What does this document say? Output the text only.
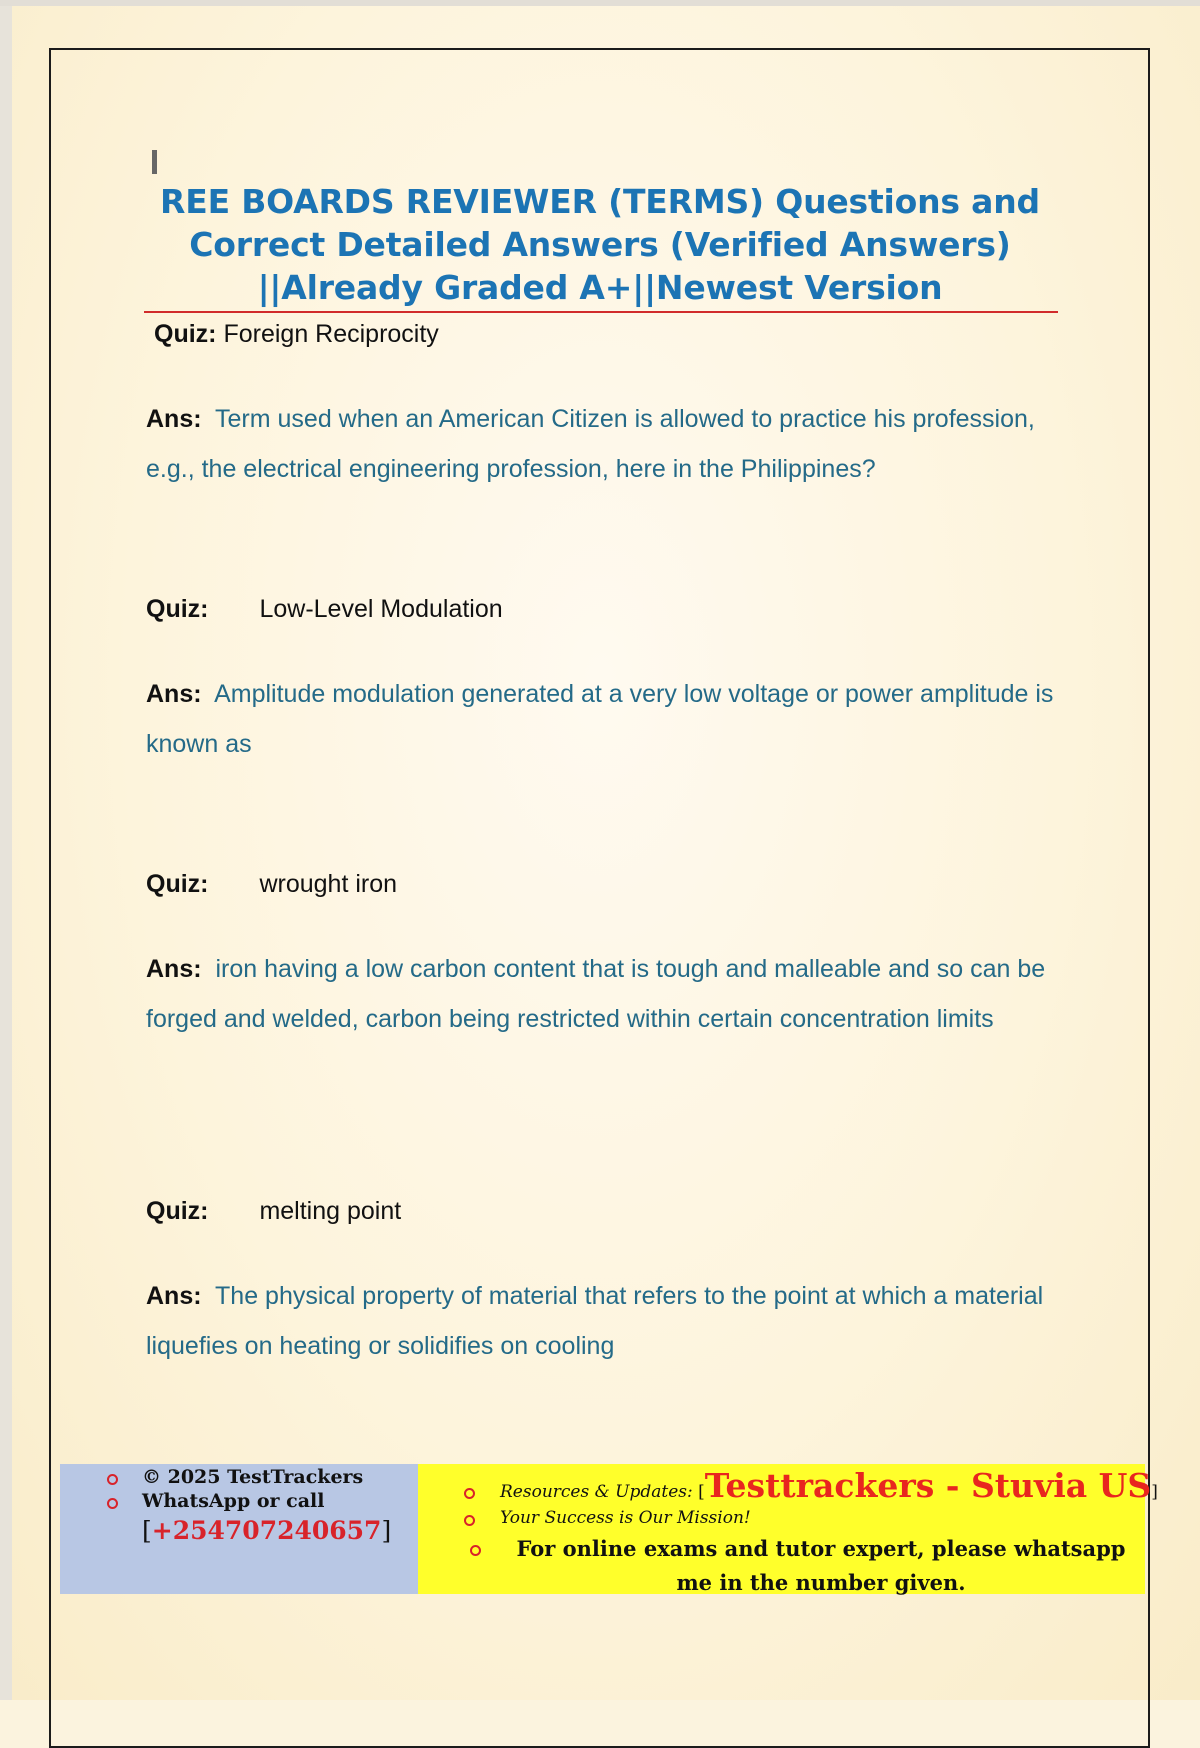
REE BOARDS REVIEWER (TERMS) Questions and Correct Detailed Answers (Verified Answers) ||Already Graded A+||Newest Version
Quiz: Foreign Reciprocity

Ans: Term used when an American Citizen is allowed to practice his profession, e.g., the electrical engineering profession, here in the Philippines?

Quiz: Low-Level Modulation

Ans: Amplitude modulation generated at a very low voltage or power amplitude is known as

Quiz: wrought iron

Ans: iron having a low carbon content that is tough and malleable and so can be forged and welded, carbon being restricted within certain concentration limits

Quiz: melting point

Ans: The physical property of material that refers to the point at which a material liquefies on heating or solidifies on cooling

© 2025 TestTrackers
WhatsApp or call
[+254707240657]
Resources & Updates: [Testtrackers - Stuvia US]
Your Success is Our Mission!

For online exams and tutor expert, please whatsapp me in the number given.
